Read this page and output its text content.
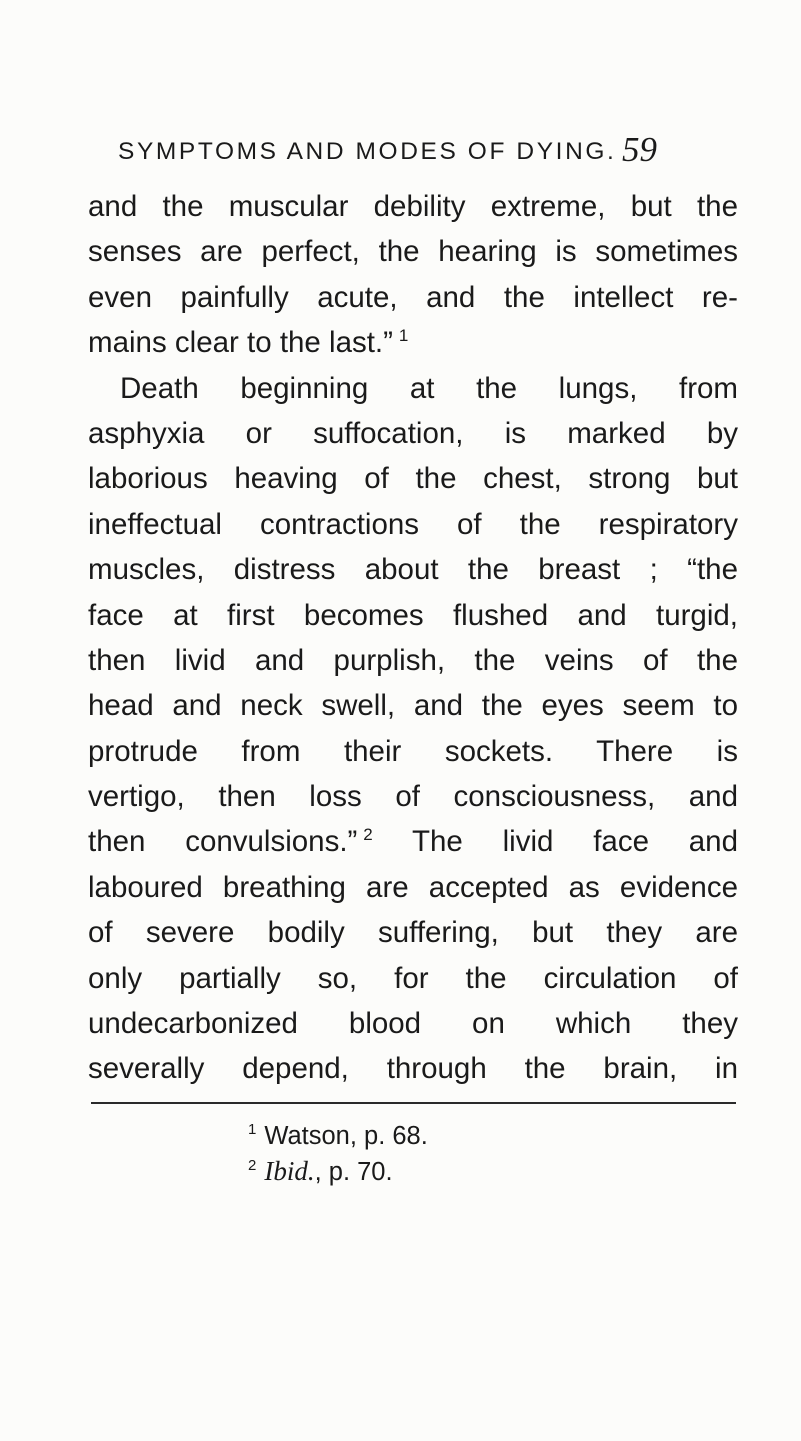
SYMPTOMS AND MODES OF DYING. 59
and the muscular debility extreme, but the
senses are perfect, the hearing is sometimes
even painfully acute, and the intellect re-
mains clear to the last.”  $^1$
Death beginning at the lungs, from
asphyxia or suffocation, is marked by
laborious heaving of the chest, strong but
ineffectual contractions of the respiratory
muscles, distress about the breast ; “the
face at first becomes flushed and turgid,
then livid and purplish, the veins of the
head and neck swell, and the eyes seem to
protrude from their sockets. There is
vertigo, then loss of consciousness, and
then convulsions.”  $^2$ The livid face and
laboured breathing are accepted as evidence
of severe bodily suffering, but they are
only partially so, for the circulation of
undecarbonized blood on which they
severally depend, through the brain, in
$^1$ Watson, p. 68.
$^2$ Ibid., p. 70.
